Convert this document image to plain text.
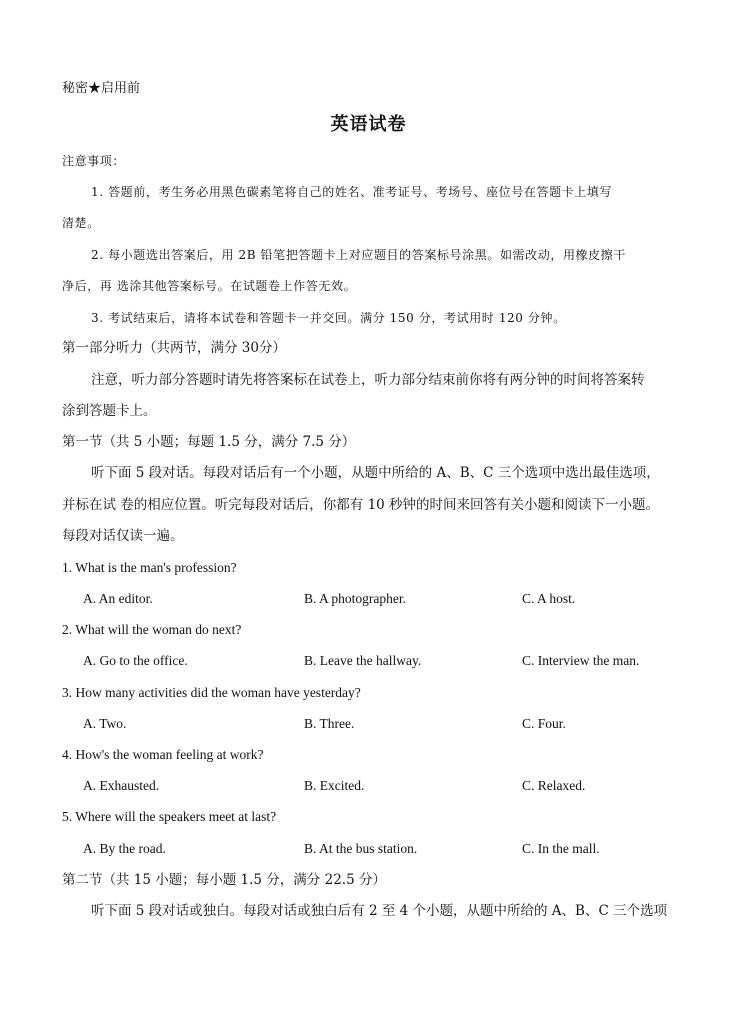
秘密★启用前
英语试卷
注意事项：
1. 答题前，考生务必用黑色碳素笔将自己的姓名、准考证号、考场号、座位号在答题卡上填写
清楚。
2. 每小题选出答案后，用 2B 铅笔把答题卡上对应题目的答案标号涂黑。如需改动，用橡皮擦干
净后，再 选涂其他答案标号。在试题卷上作答无效。
3. 考试结束后，请将本试卷和答题卡一并交回。满分 150 分，考试用时 120 分钟。
第一部分听力（共两节，满分 30分）
注意，听力部分答题时请先将答案标在试卷上，听力部分结束前你将有两分钟的时间将答案转
涂到答题卡上。
第一节（共 5 小题；每题 1.5 分，满分 7.5 分）
听下面 5 段对话。每段对话后有一个小题，从题中所给的 A、B、C 三个选项中选出最佳选项，
并标在试 卷的相应位置。听完每段对话后，你都有 10 秒钟的时间来回答有关小题和阅读下一小题。
每段对话仅读一遍。
1. What is the man's profession?
A. An editor.	B. A photographer.	C. A host.
2. What will the woman do next?
A. Go to the office.	B. Leave the hallway.	C. Interview the man.
3. How many activities did the woman have yesterday?
A. Two.	B. Three.	C. Four.
4. How's the woman feeling at work?
A. Exhausted.	B. Excited.	C. Relaxed.
5. Where will the speakers meet at last?
A. By the road.	B. At the bus station.	C. In the mall.
第二节（共 15 小题；每小题 1.5 分，满分 22.5 分）
听下面 5 段对话或独白。每段对话或独白后有 2 至 4 个小题，从题中所给的 A、B、C 三个选项
